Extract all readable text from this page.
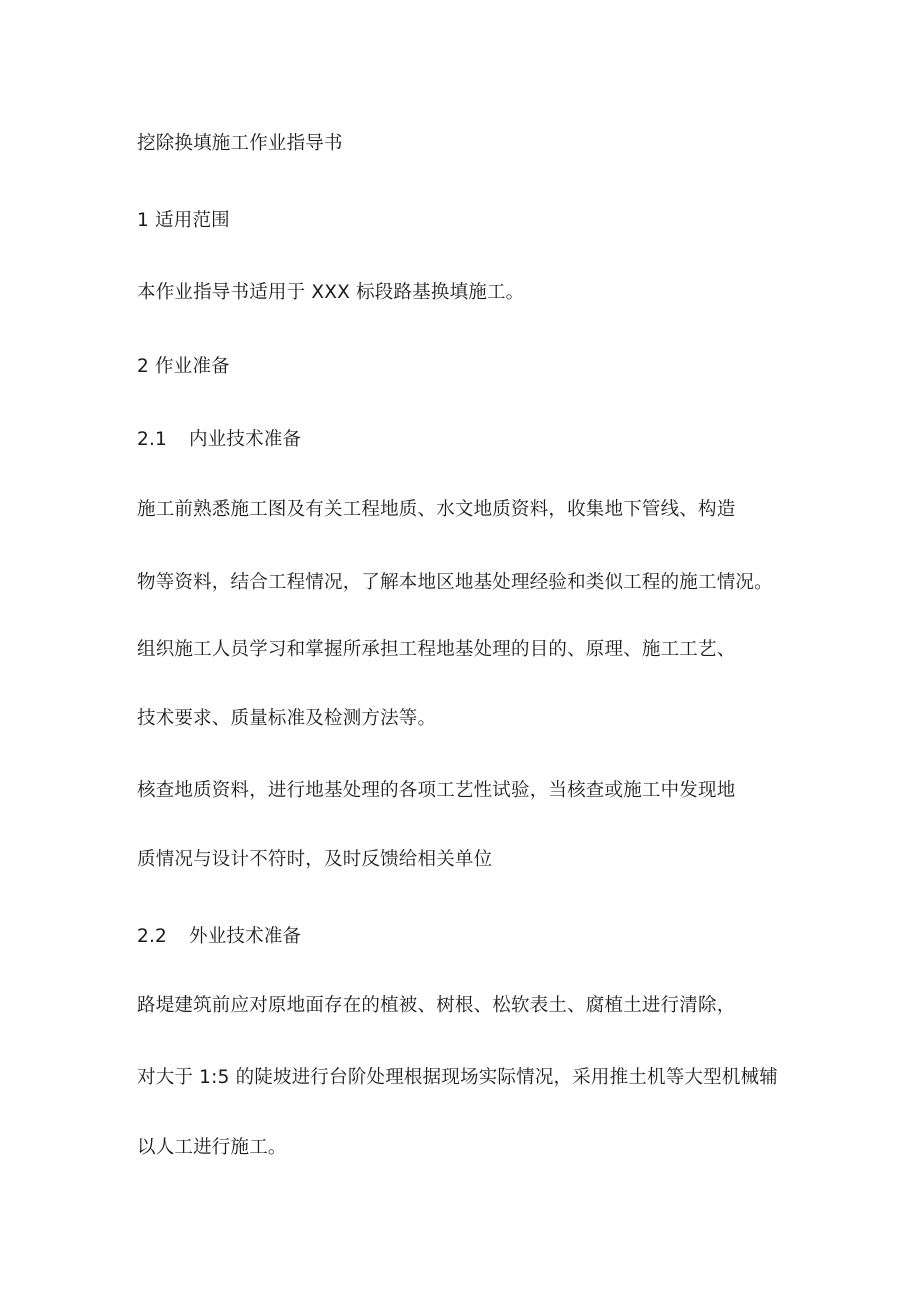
挖除换填施工作业指导书
1 适用范围
本作业指导书适用于 XXX 标段路基换填施工。
2 作业准备
2.1 内业技术准备
施工前熟悉施工图及有关工程地质、水文地质资料，收集地下管线、构造
物等资料，结合工程情况，了解本地区地基处理经验和类似工程的施工情况。
组织施工人员学习和掌握所承担工程地基处理的目的、原理、施工工艺、
技术要求、质量标准及检测方法等。
核查地质资料，进行地基处理的各项工艺性试验，当核查或施工中发现地
质情况与设计不符时，及时反馈给相关单位
2.2 外业技术准备
路堤建筑前应对原地面存在的植被、树根、松软表土、腐植土进行清除，
对大于 1:5 的陡坡进行台阶处理根据现场实际情况，采用推土机等大型机械辅
以人工进行施工。
